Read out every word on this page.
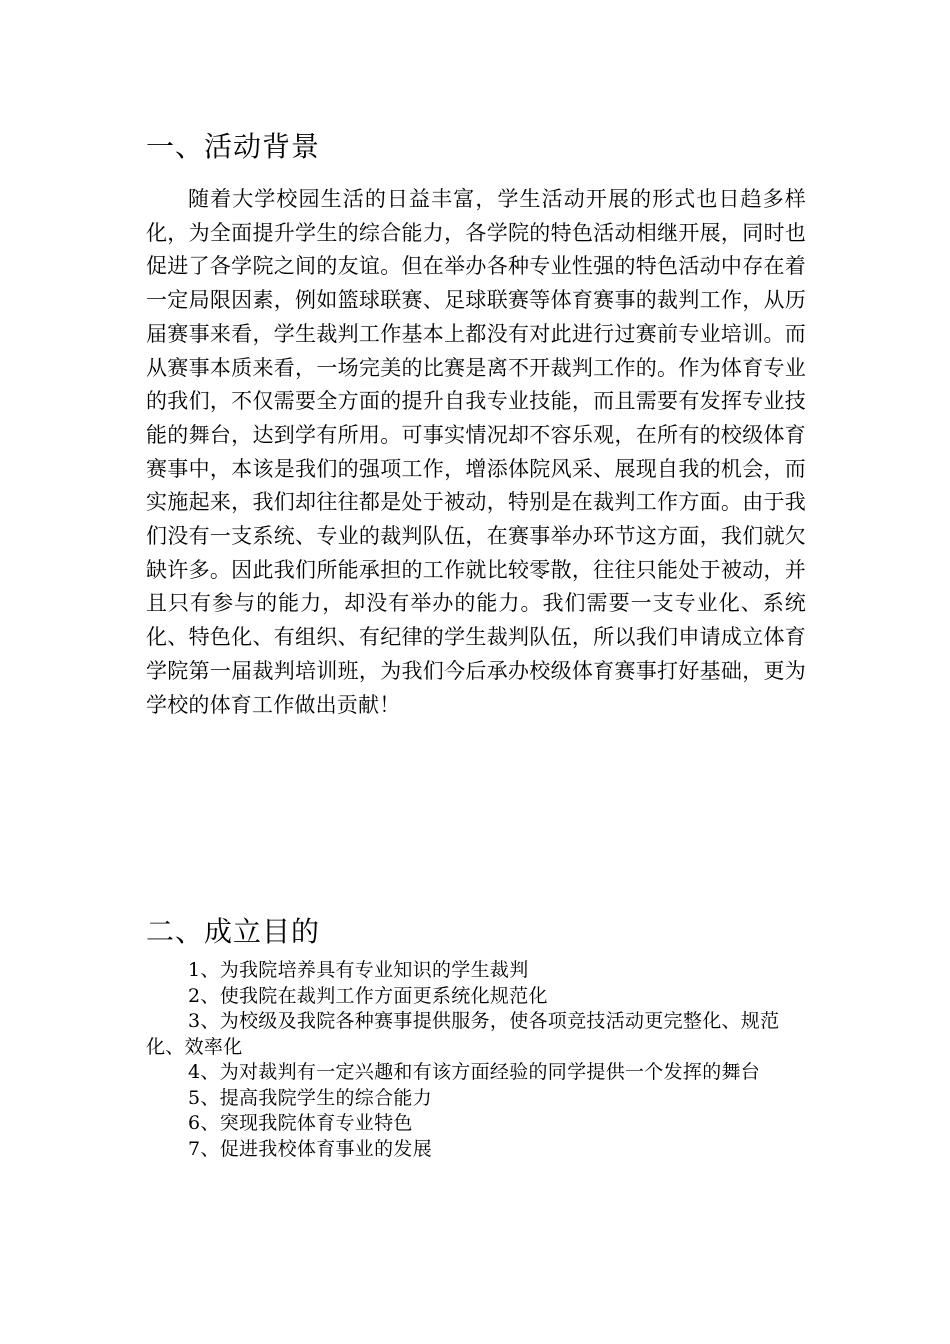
一、活动背景

随着大学校园生活的日益丰富，学生活动开展的形式也日趋多样化，为全面提升学生的综合能力，各学院的特色活动相继开展，同时也促进了各学院之间的友谊。但在举办各种专业性强的特色活动中存在着一定局限因素，例如篮球联赛、足球联赛等体育赛事的裁判工作，从历届赛事来看，学生裁判工作基本上都没有对此进行过赛前专业培训。而从赛事本质来看，一场完美的比赛是离不开裁判工作的。作为体育专业的我们，不仅需要全方面的提升自我专业技能，而且需要有发挥专业技能的舞台，达到学有所用。可事实情况却不容乐观，在所有的校级体育赛事中，本该是我们的强项工作，增添体院风采、展现自我的机会，而实施起来，我们却往往都是处于被动，特别是在裁判工作方面。由于我们没有一支系统、专业的裁判队伍，在赛事举办环节这方面，我们就欠缺许多。因此我们所能承担的工作就比较零散，往往只能处于被动，并且只有参与的能力，却没有举办的能力。我们需要一支专业化、系统化、特色化、有组织、有纪律的学生裁判队伍，所以我们申请成立体育学院第一届裁判培训班，为我们今后承办校级体育赛事打好基础，更为学校的体育工作做出贡献！

二、成立目的
1、为我院培养具有专业知识的学生裁判
2、使我院在裁判工作方面更系统化规范化
3、为校级及我院各种赛事提供服务，使各项竞技活动更完整化、规范化、效率化
4、为对裁判有一定兴趣和有该方面经验的同学提供一个发挥的舞台
5、提高我院学生的综合能力
6、突现我院体育专业特色
7、促进我校体育事业的发展
